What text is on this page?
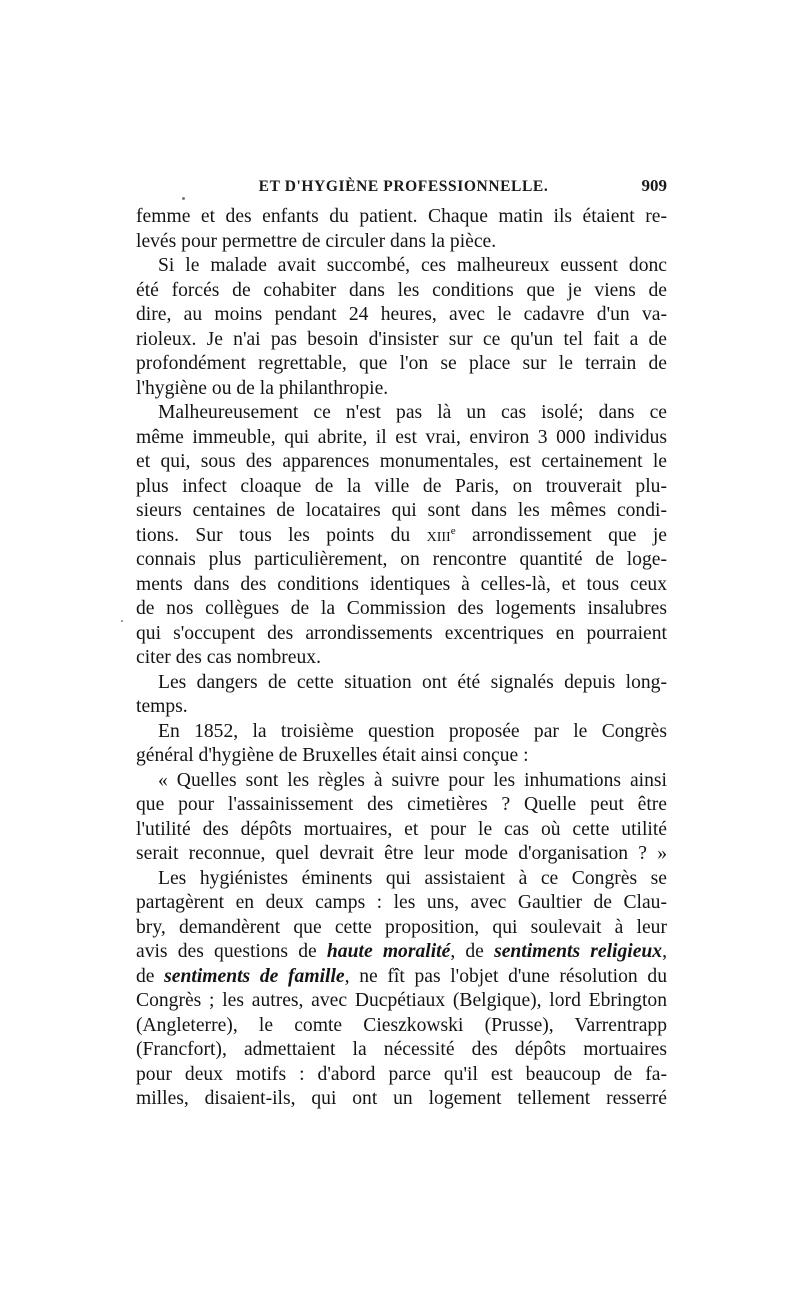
ET D'HYGIÈNE PROFESSIONNELLE.	909
femme et des enfants du patient. Chaque matin ils étaient re-
levés pour permettre de circuler dans la pièce.
Si le malade avait succombé, ces malheureux eussent donc
été forcés de cohabiter dans les conditions que je viens de
dire, au moins pendant 24 heures, avec le cadavre d'un va-
rioleux. Je n'ai pas besoin d'insister sur ce qu'un tel fait a de
profondément regrettable, que l'on se place sur le terrain de
l'hygiène ou de la philanthropie.
Malheureusement ce n'est pas là un cas isolé; dans ce
même immeuble, qui abrite, il est vrai, environ 3 000 individus
et qui, sous des apparences monumentales, est certainement le
plus infect cloaque de la ville de Paris, on trouverait plu-
sieurs centaines de locataires qui sont dans les mêmes condi-
tions. Sur tous les points du xiii$^e$ arrondissement que je
connais plus particulièrement, on rencontre quantité de loge-
ments dans des conditions identiques à celles-là, et tous ceux
de nos collègues de la Commission des logements insalubres
qui s'occupent des arrondissements excentriques en pourraient
citer des cas nombreux.
Les dangers de cette situation ont été signalés depuis long-
temps.
En 1852, la troisième question proposée par le Congrès
général d'hygiène de Bruxelles était ainsi conçue :
« Quelles sont les règles à suivre pour les inhumations ainsi
que pour l'assainissement des cimetières ? Quelle peut être
l'utilité des dépôts mortuaires, et pour le cas où cette utilité
serait reconnue, quel devrait être leur mode d'organisation ? »
Les hygiénistes éminents qui assistaient à ce Congrès se
partagèrent en deux camps : les uns, avec Gaultier de Clau-
bry, demandèrent que cette proposition, qui soulevait à leur
avis des questions de haute moralité, de sentiments religieux,
de sentiments de famille, ne fît pas l'objet d'une résolution du
Congrès ; les autres, avec Ducpétiaux (Belgique), lord Ebrington
(Angleterre), le comte Cieszkowski (Prusse), Varrentrapp
(Francfort), admettaient la nécessité des dépôts mortuaires
pour deux motifs : d'abord parce qu'il est beaucoup de fa-
milles, disaient-ils, qui ont un logement tellement resserré
